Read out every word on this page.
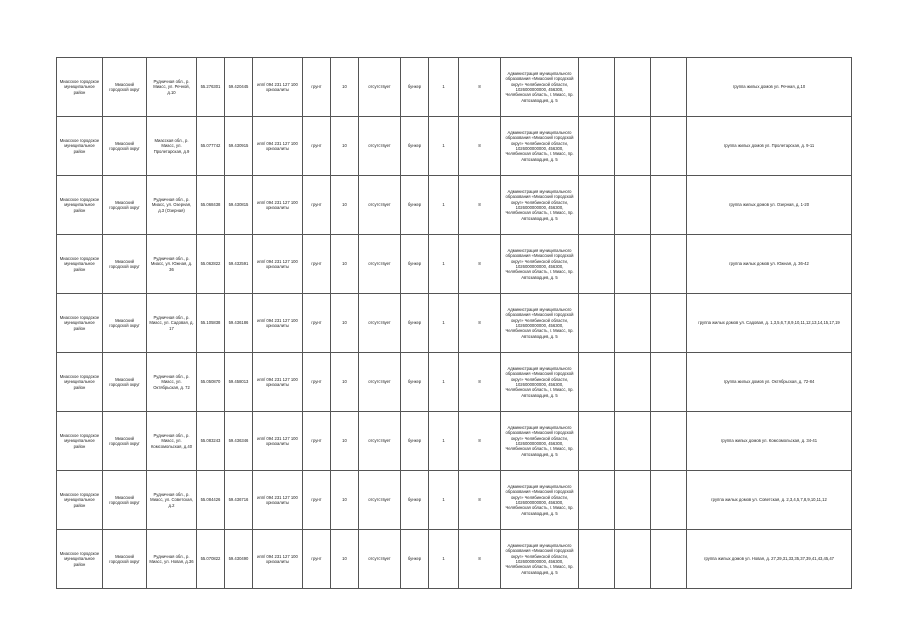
Миасское городское муниципальное район	Миасский городской округ	Рудничная обл., р. Миасс, ул. Речной, д.10	55.276301	59.420445	ипп/ 094 231 127 100 хризоалиты	грунт	10	отсутствует	бункер	1	8	Администрация муниципального образования «Миасский городской округ» Челябинской области, 1026000000000, 456300, Челябинская область, г. Миасс, пр. Автозаводцев, д. 5				группа жилых домов ул. Речная, д.10
Миасское городское муниципальное район	Миасский городской округ	Миасская обл., р. Миасс, ул. Пролетарская, д.9	55.077742	59.430915	ипп/ 094 231 127 100 хризоалиты	грунт	10	отсутствует	бункер	1	8	Администрация муниципального образования «Миасский городской округ» Челябинской области, 1026000000000, 456300, Челябинская область, г. Миасс, пр. Автозаводцев, д. 5				группа жилых домов ул. Пролетарская, д. 9-11
Миасское городское муниципальное район	Миасский городской округ	Рудничная обл., р. Миасс, ул. Озерная, д.3 (Озерная)	55.068438	59.430815	ипп/ 094 231 127 100 хризоалиты	грунт	10	отсутствует	бункер	1	8	Администрация муниципального образования «Миасский городской округ» Челябинской области, 1026000000000, 456300, Челябинская область, г. Миасс, пр. Автозаводцев, д. 5				группа жилых домов ул. Озерная, д. 1-20
Миасское городское муниципальное район	Миасский городской округ	Рудничная обл., р. Миасс, ул. Южная, д. 36	55.062822	59.432591	ипп/ 094 231 127 100 хризоалиты	грунт	10	отсутствует	бункер	1	8	Администрация муниципального образования «Миасский городской округ» Челябинской области, 1026000000000, 456300, Челябинская область, г. Миасс, пр. Автозаводцев, д. 5				группа жилых домов ул. Южная, д. 36-42
Миасское городское муниципальное район	Миасский городской округ	Рудничная обл., р. Миасс, ул. Садовая, д. 17	55.105838	59.436186	ипп/ 094 231 127 100 хризоалиты	грунт	10	отсутствует	бункер	1	8	Администрация муниципального образования «Миасский городской округ» Челябинской области, 1026000000000, 456300, Челябинская область, г. Миасс, пр. Автозаводцев, д. 5				группа жилых домов ул. Садовая, д. 1,3,5,6,7,8,9,10,11,12,13,14,15,17,19
Миасское городское муниципальное район	Миасский городской округ	Рудничная обл., р. Миасс, ул. Октябрьская, д. 72	55.050870	59.458013	ипп/ 094 231 127 100 хризоалиты	грунт	10	отсутствует	бункер	1	8	Администрация муниципального образования «Миасский городской округ» Челябинской области, 1026000000000, 456300, Челябинская область, г. Миасс, пр. Автозаводцев, д. 5				группа жилых домов ул. Октябрьская, д. 72-84
Миасское городское муниципальное район	Миасский городской округ	Рудничная обл., р. Миасс, ул. Комсомольская, д.40	55.083243	59.436346	ипп/ 094 231 127 100 хризоалиты	грунт	10	отсутствует	бункер	1	8	Администрация муниципального образования «Миасский городской округ» Челябинской области, 1026000000000, 456300, Челябинская область, г. Миасс, пр. Автозаводцев, д. 5				группа жилых домов ул. Комсомольская, д. 34-41
Миасское городское муниципальное район	Миасский городской округ	Рудничная обл., р. Миасс, ул. Советская, д.2	55.084426	59.436716	ипп/ 094 231 127 100 хризоалиты	грунт	10	отсутствует	бункер	1	8	Администрация муниципального образования «Миасский городской округ» Челябинской области, 1026000000000, 456300, Челябинская область, г. Миасс, пр. Автозаводцев, д. 5				группа жилых домов ул. Советская, д. 2,3,4,5,7,8,9,10,11,12
Миасское городское муниципальное район	Миасский городской округ	Рудничная обл., р. Миасс, ул. Новая, д.36	55.070822	59.430490	ипп/ 094 231 127 100 хризоалиты	грунт	10	отсутствует	бункер	1	8	Администрация муниципального образования «Миасский городской округ» Челябинской области, 1026000000000, 456300, Челябинская область, г. Миасс, пр. Автозаводцев, д. 5				группа жилых домов ул. Новая, д. 27,29,31,33,35,37,39,41,43,45,47
